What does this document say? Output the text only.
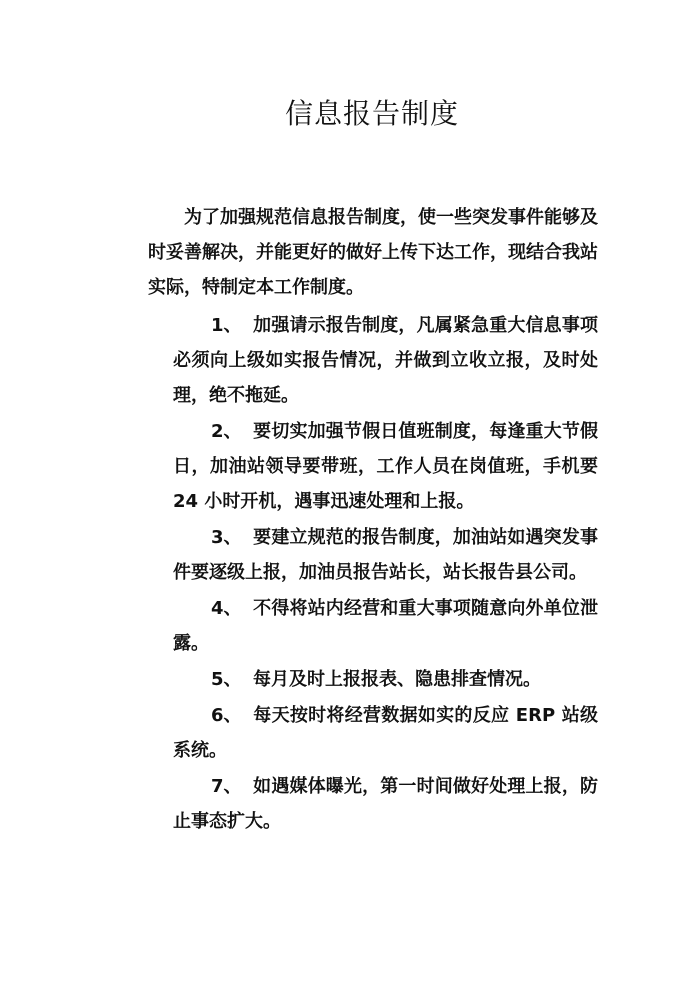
信息报告制度

为了加强规范信息报告制度，使一些突发事件能够及时妥善解决，并能更好的做好上传下达工作，现结合我站实际，特制定本工作制度。

1、 加强请示报告制度，凡属紧急重大信息事项必须向上级如实报告情况，并做到立收立报，及时处理，绝不拖延。
2、 要切实加强节假日值班制度，每逢重大节假日，加油站领导要带班，工作人员在岗值班，手机要 24 小时开机，遇事迅速处理和上报。
3、 要建立规范的报告制度，加油站如遇突发事件要逐级上报，加油员报告站长，站长报告县公司。
4、 不得将站内经营和重大事项随意向外单位泄露。
5、 每月及时上报报表、隐患排查情况。
6、 每天按时将经营数据如实的反应 ERP 站级系统。
7、 如遇媒体曝光，第一时间做好处理上报，防止事态扩大。
